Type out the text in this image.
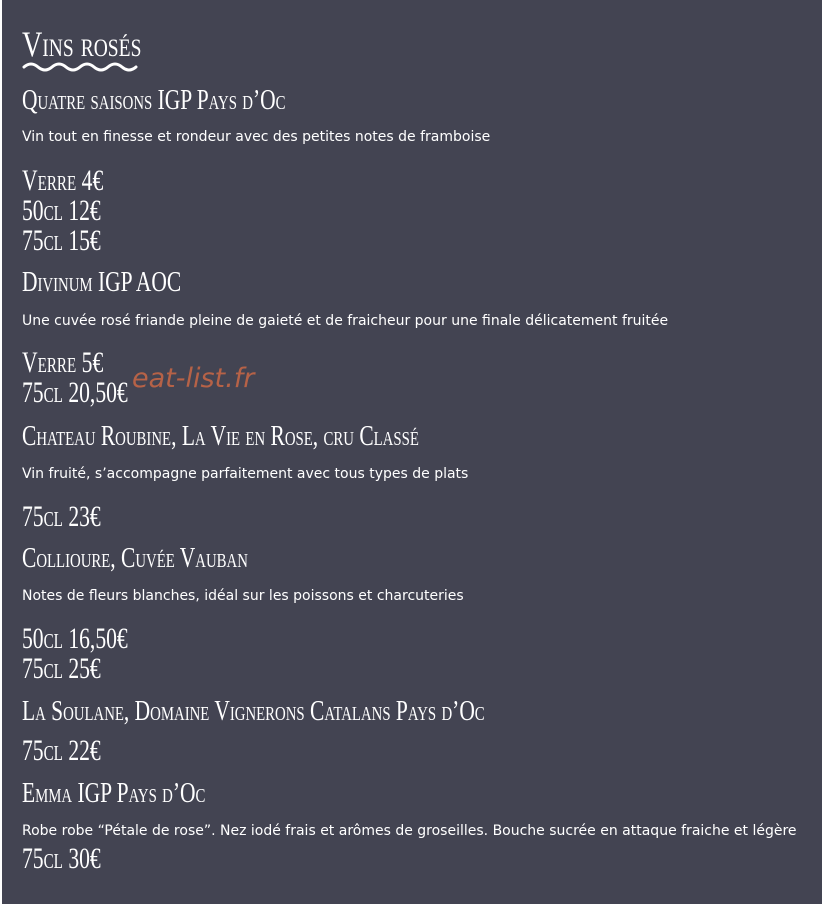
Vins rosés
Quatre saisons IGP Pays d’Oc
Vin tout en finesse et rondeur avec des petites notes de framboise
Verre 4€
50cl 12€
75cl 15€
Divinum IGP AOC
Une cuvée rosé friande pleine de gaieté et de fraicheur pour une finale délicatement fruitée
Verre 5€
75cl 20,50€ eat-list.fr
Chateau Roubine, La Vie en Rose, cru Classé
Vin fruité, s’accompagne parfaitement avec tous types de plats
75cl 23€
Collioure, Cuvée Vauban
Notes de fleurs blanches, idéal sur les poissons et charcuteries
50cl 16,50€
75cl 25€
La Soulane, Domaine Vignerons Catalans Pays d’Oc
75cl 22€
Emma IGP Pays d’Oc
Robe robe “Pétale de rose”. Nez iodé frais et arômes de groseilles. Bouche sucrée en attaque fraiche et légère
75cl 30€
